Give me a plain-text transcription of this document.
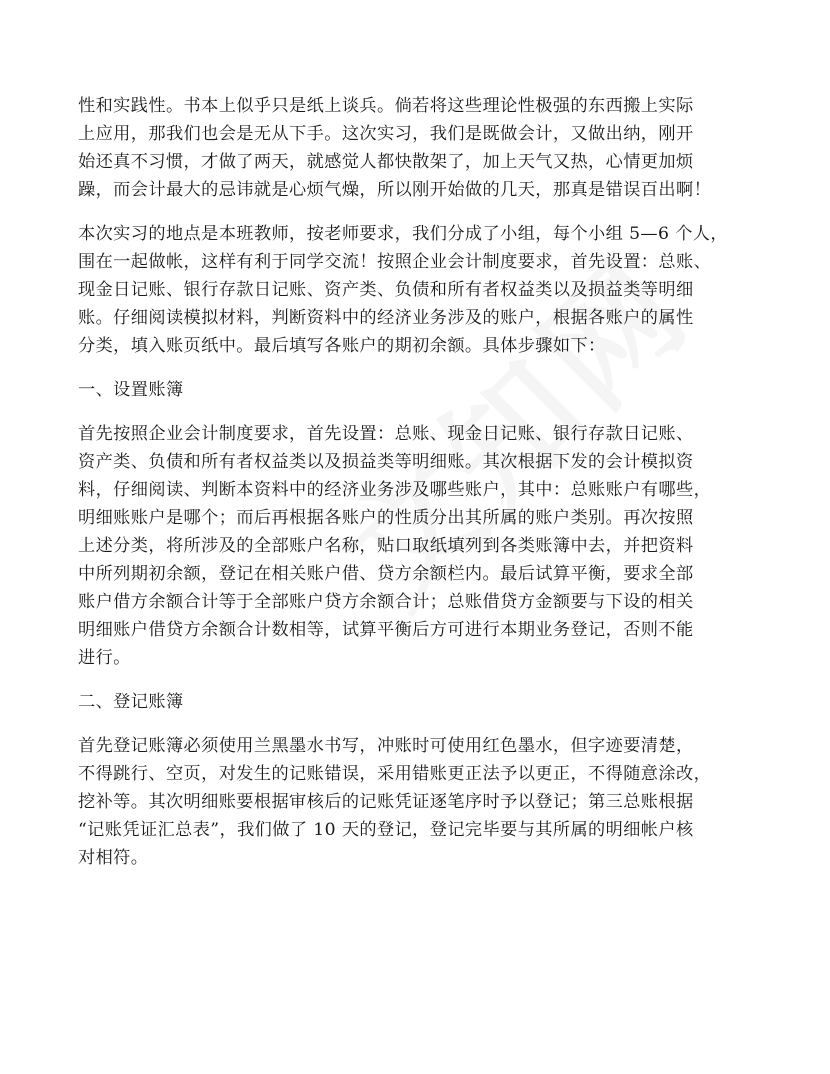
性和实践性。书本上似乎只是纸上谈兵。倘若将这些理论性极强的东西搬上实际
上应用，那我们也会是无从下手。这次实习，我们是既做会计，又做出纳，刚开
始还真不习惯，才做了两天，就感觉人都快散架了，加上天气又热，心情更加烦
躁，而会计最大的忌讳就是心烦气燥，所以刚开始做的几天，那真是错误百出啊！
本次实习的地点是本班教师，按老师要求，我们分成了小组，每个小组 5—6 个人，
围在一起做帐，这样有利于同学交流！按照企业会计制度要求，首先设置：总账、
现金日记账、银行存款日记账、资产类、负债和所有者权益类以及损益类等明细
账。仔细阅读模拟材料，判断资料中的经济业务涉及的账户，根据各账户的属性
分类，填入账页纸中。最后填写各账户的期初余额。具体步骤如下：
一、设置账簿
首先按照企业会计制度要求，首先设置：总账、现金日记账、银行存款日记账、
资产类、负债和所有者权益类以及损益类等明细账。其次根据下发的会计模拟资
料，仔细阅读、判断本资料中的经济业务涉及哪些账户，其中：总账账户有哪些，
明细账账户是哪个；而后再根据各账户的性质分出其所属的账户类别。再次按照
上述分类，将所涉及的全部账户名称，贴口取纸填列到各类账簿中去，并把资料
中所列期初余额，登记在相关账户借、贷方余额栏内。最后试算平衡，要求全部
账户借方余额合计等于全部账户贷方余额合计；总账借贷方金额要与下设的相关
明细账户借贷方余额合计数相等，试算平衡后方可进行本期业务登记，否则不能
进行。
二、登记账簿
首先登记账簿必须使用兰黑墨水书写，冲账时可使用红色墨水，但字迹要清楚，
不得跳行、空页，对发生的记账错误，采用错账更正法予以更正，不得随意涂改，
挖补等。其次明细账要根据审核后的记账凭证逐笔序时予以登记；第三总账根据
“记账凭证汇总表”，我们做了 10 天的登记，登记完毕要与其所属的明细帐户核
对相符。
